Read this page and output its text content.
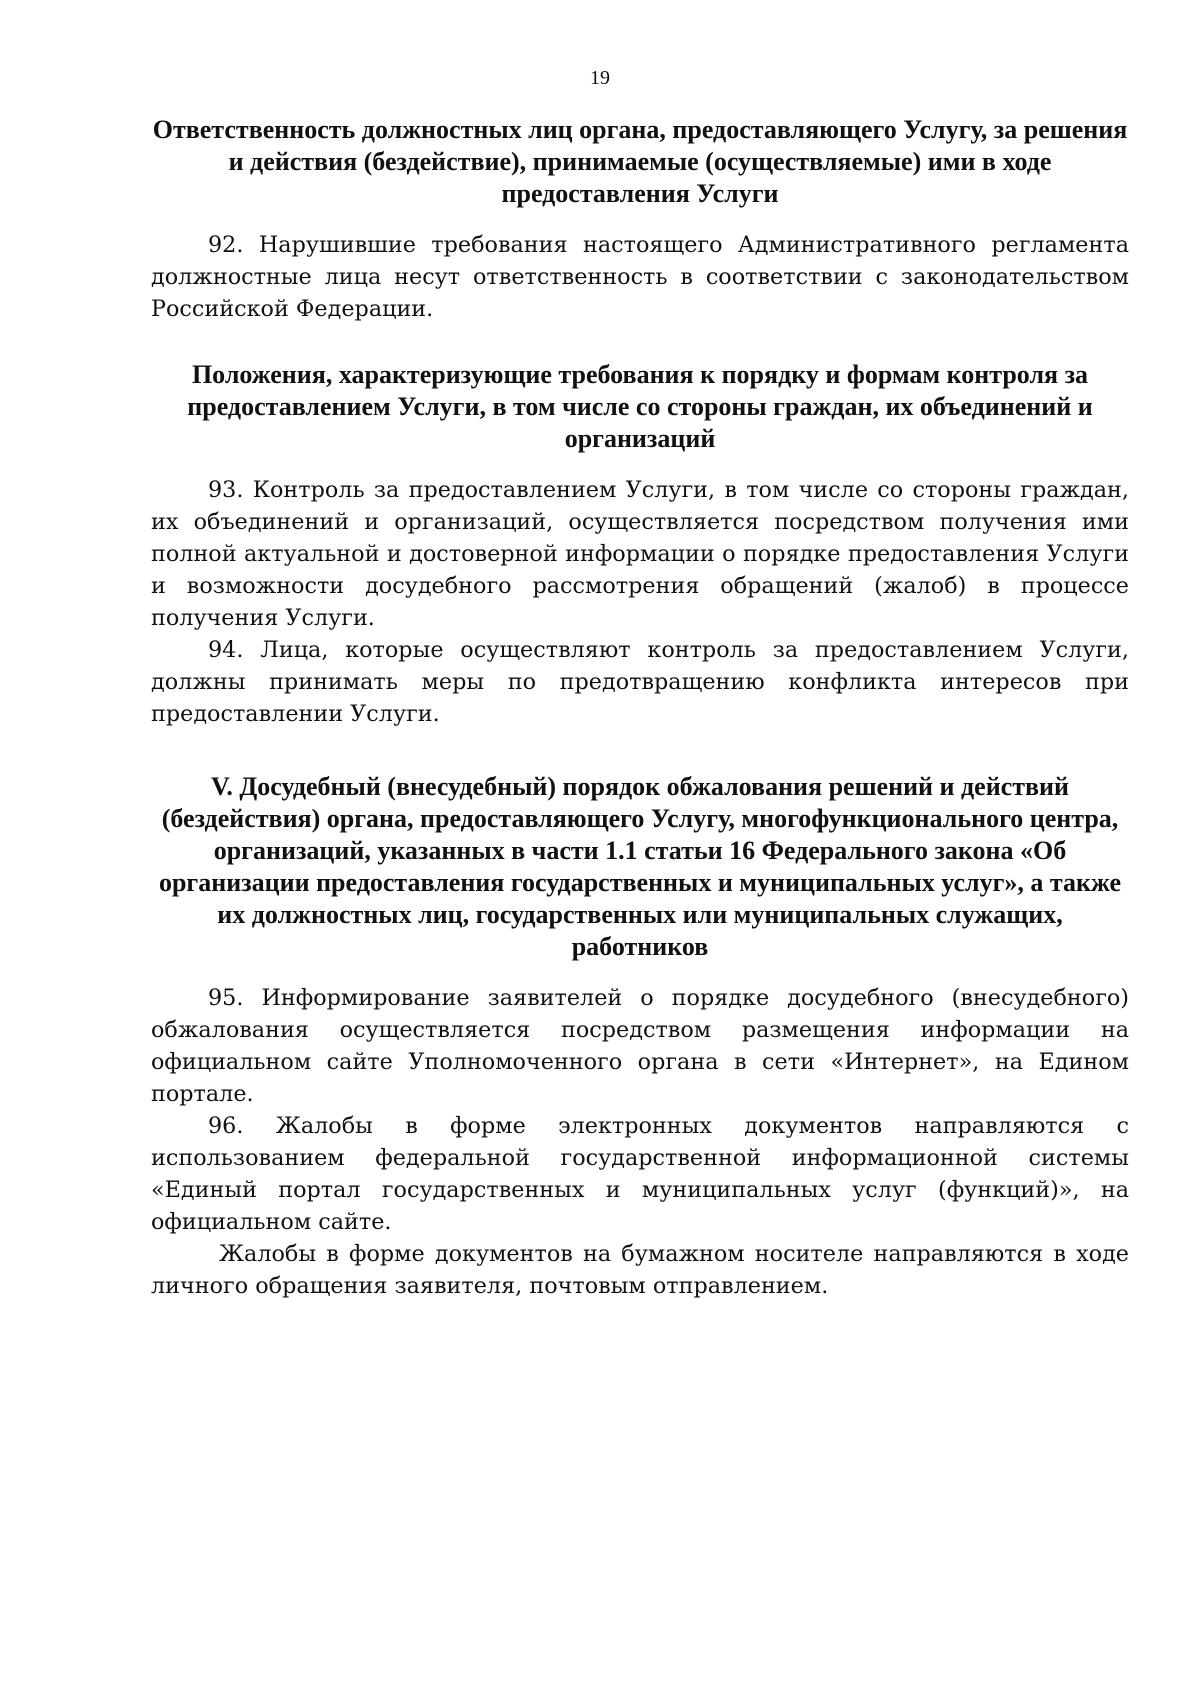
19
Ответственность должностных лиц органа, предоставляющего Услугу, за решения и действия (бездействие), принимаемые (осуществляемые) ими в ходе предоставления Услуги

92. Нарушившие требования настоящего Административного регламента должностные лица несут ответственность в соответствии с законодательством Российской Федерации.

Положения, характеризующие требования к порядку и формам контроля за предоставлением Услуги, в том числе со стороны граждан, их объединений и организаций

93. Контроль за предоставлением Услуги, в том числе со стороны граждан, их объединений и организаций, осуществляется посредством получения ими полной актуальной и достоверной информации о порядке предоставления Услуги и возможности досудебного рассмотрения обращений (жалоб) в процессе получения Услуги.

94. Лица, которые осуществляют контроль за предоставлением Услуги, должны принимать меры по предотвращению конфликта интересов при предоставлении Услуги.

V. Досудебный (внесудебный) порядок обжалования решений и действий (бездействия) органа, предоставляющего Услугу, многофункционального центра, организаций, указанных в части 1.1 статьи 16 Федерального закона «Об организации предоставления государственных и муниципальных услуг», а также их должностных лиц, государственных или муниципальных служащих, работников

95. Информирование заявителей о порядке досудебного (внесудебного) обжалования осуществляется посредством размещения информации на официальном сайте Уполномоченного органа в сети «Интернет», на Едином портале.

96. Жалобы в форме электронных документов направляются с использованием федеральной государственной информационной системы «Единый портал государственных и муниципальных услуг (функций)», на официальном сайте.

Жалобы в форме документов на бумажном носителе направляются в ходе личного обращения заявителя, почтовым отправлением.
